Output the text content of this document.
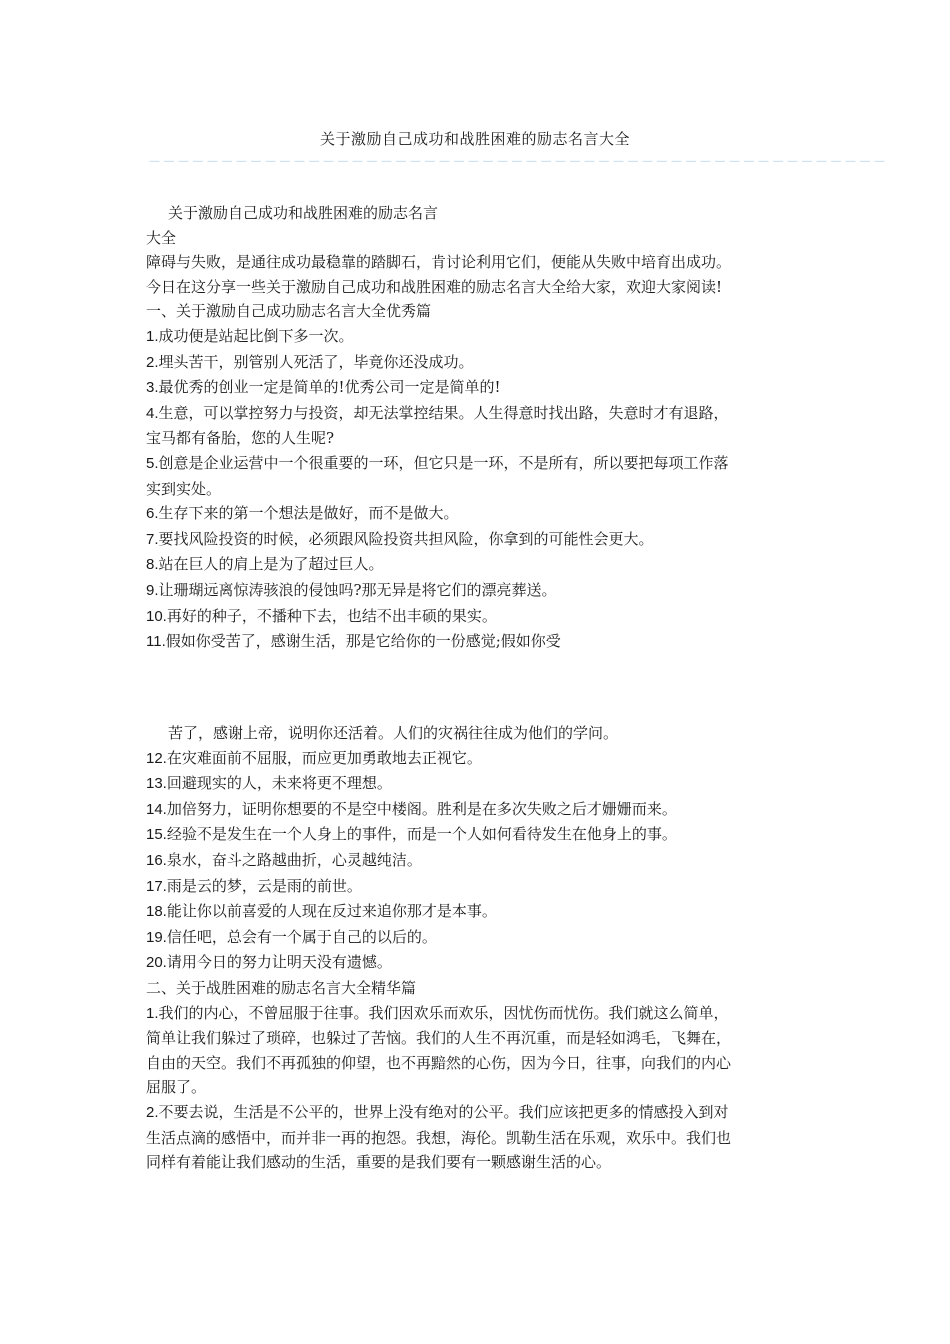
关于激励自己成功和战胜困难的励志名言大全
－－－－－－－－－－－－－－－－－－－－－－－－－－－－－－－－－－－－－－－－－－－－－－－－－－－

关于激励自己成功和战胜困难的励志名言

大全

障碍与失败，是通往成功最稳靠的踏脚石，肯讨论利用它们，便能从失败中培育出成功。

今日在这分享一些关于激励自己成功和战胜困难的励志名言大全给大家，欢迎大家阅读!

一、关于激励自己成功励志名言大全优秀篇

1.成功便是站起比倒下多一次。

2.埋头苦干，别管别人死活了，毕竟你还没成功。

3.最优秀的创业一定是简单的!优秀公司一定是简单的!

4.生意，可以掌控努力与投资，却无法掌控结果。人生得意时找出路，失意时才有退路，

宝马都有备胎，您的人生呢?

5.创意是企业运营中一个很重要的一环，但它只是一环，不是所有，所以要把每项工作落

实到实处。

6.生存下来的第一个想法是做好，而不是做大。

7.要找风险投资的时候，必须跟风险投资共担风险，你拿到的可能性会更大。

8.站在巨人的肩上是为了超过巨人。

9.让珊瑚远离惊涛骇浪的侵蚀吗?那无异是将它们的漂亮葬送。

10.再好的种子，不播种下去，也结不出丰硕的果实。

11.假如你受苦了，感谢生活，那是它给你的一份感觉;假如你受

苦了，感谢上帝，说明你还活着。人们的灾祸往往成为他们的学问。

12.在灾难面前不屈服，而应更加勇敢地去正视它。

13.回避现实的人，未来将更不理想。

14.加倍努力，证明你想要的不是空中楼阁。胜利是在多次失败之后才姗姗而来。

15.经验不是发生在一个人身上的事件，而是一个人如何看待发生在他身上的事。

16.泉水，奋斗之路越曲折，心灵越纯洁。

17.雨是云的梦，云是雨的前世。

18.能让你以前喜爱的人现在反过来追你那才是本事。

19.信任吧，总会有一个属于自己的以后的。

20.请用今日的努力让明天没有遗憾。

二、关于战胜困难的励志名言大全精华篇

1.我们的内心，不曾屈服于往事。我们因欢乐而欢乐，因忧伤而忧伤。我们就这么简单，

简单让我们躲过了琐碎，也躲过了苦恼。我们的人生不再沉重，而是轻如鸿毛，飞舞在，

自由的天空。我们不再孤独的仰望，也不再黯然的心伤，因为今日，往事，向我们的内心

屈服了。

2.不要去说，生活是不公平的，世界上没有绝对的公平。我们应该把更多的情感投入到对

生活点滴的感悟中，而并非一再的抱怨。我想，海伦。凯勒生活在乐观，欢乐中。我们也

同样有着能让我们感动的生活，重要的是我们要有一颗感谢生活的心。
